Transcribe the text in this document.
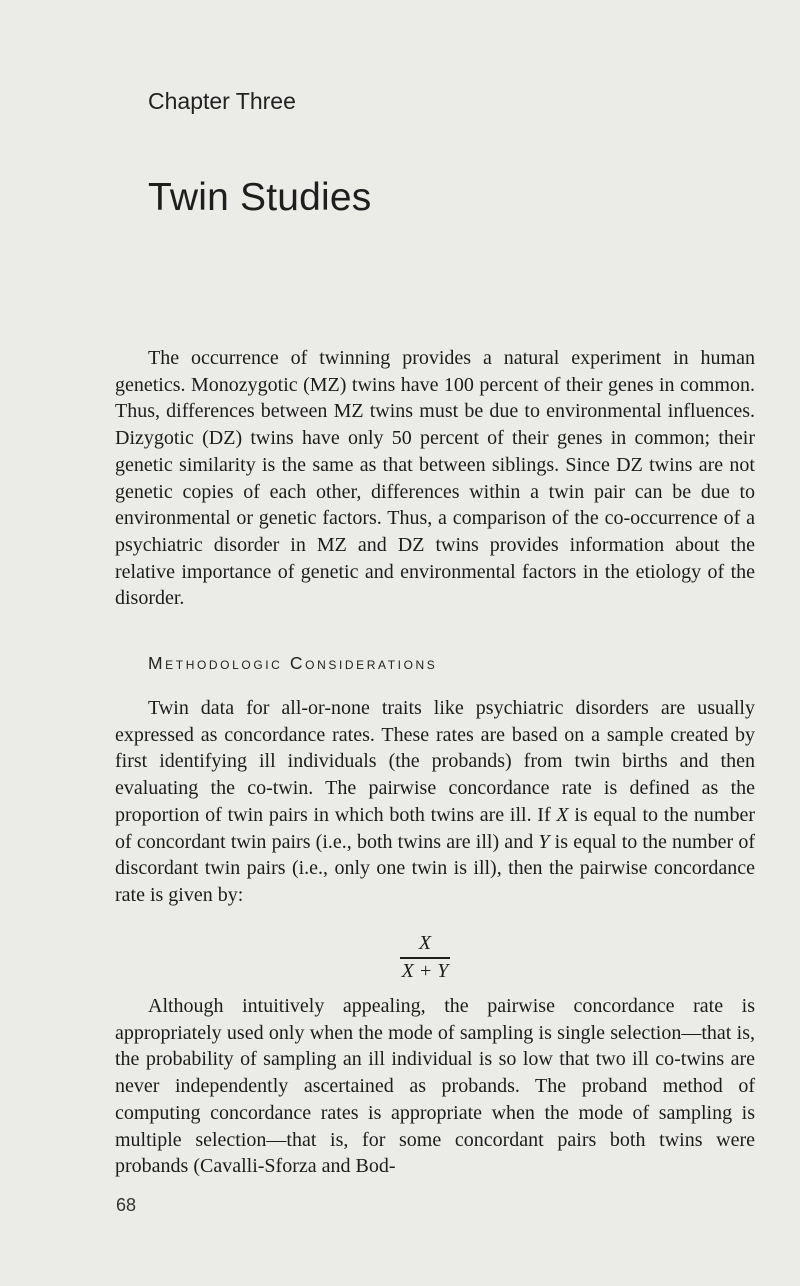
Chapter Three
Twin Studies

The occurrence of twinning provides a natural experiment in human genetics. Monozygotic (MZ) twins have 100 percent of their genes in common. Thus, differences between MZ twins must be due to environmental influences. Dizygotic (DZ) twins have only 50 percent of their genes in common; their genetic similarity is the same as that between siblings. Since DZ twins are not genetic copies of each other, differences within a twin pair can be due to environmental or genetic factors. Thus, a comparison of the co-occurrence of a psychiatric disorder in MZ and DZ twins provides information about the relative importance of genetic and environmental factors in the etiology of the disorder.

Methodologic Considerations

Twin data for all-or-none traits like psychiatric disorders are usually expressed as concordance rates. These rates are based on a sample created by first identifying ill individuals (the probands) from twin births and then evaluating the co-twin. The pairwise concordance rate is defined as the proportion of twin pairs in which both twins are ill. If X is equal to the number of concordant twin pairs (i.e., both twins are ill) and Y is equal to the number of discordant twin pairs (i.e., only one twin is ill), then the pairwise concordance rate is given by:

X
X + Y

Although intuitively appealing, the pairwise concordance rate is appropriately used only when the mode of sampling is single selection—that is, the probability of sampling an ill individual is so low that two ill co-twins are never independently ascertained as probands. The proband method of computing concordance rates is appropriate when the mode of sampling is multiple selection—that is, for some concordant pairs both twins were probands (Cavalli-Sforza and Bod-

68
